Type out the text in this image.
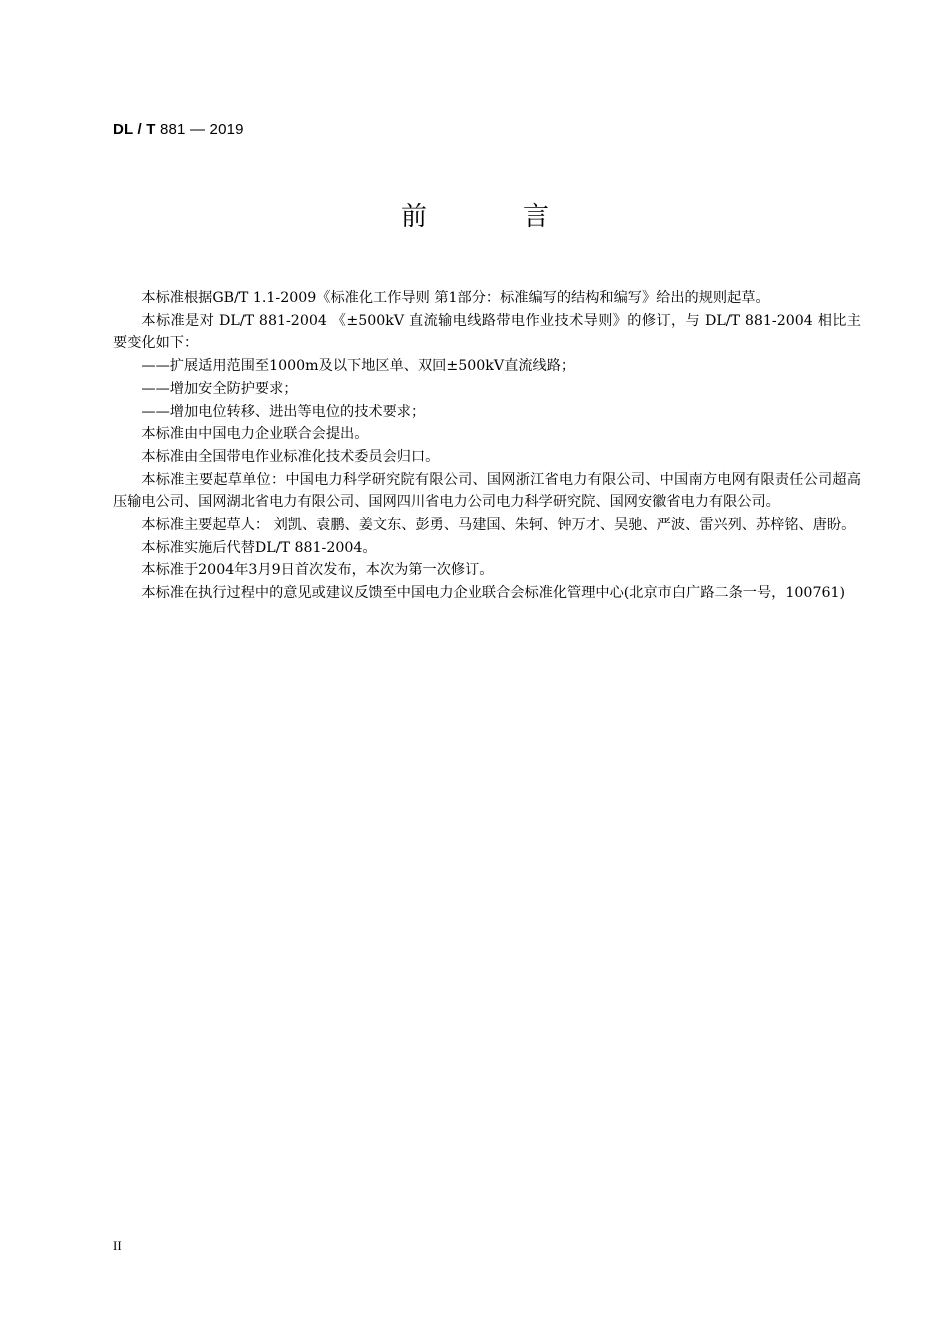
DL / T 881 — 2019
前言

本标准根据GB/T 1.1-2009《标准化工作导则 第1部分：标准编写的结构和编写》给出的规则起草。

本标准是对 DL/T 881-2004 《±500kV 直流输电线路带电作业技术导则》的修订，与 DL/T 881-2004 相比主要变化如下：

——扩展适用范围至1000m及以下地区单、双回±500kV直流线路；

——增加安全防护要求；

——增加电位转移、进出等电位的技术要求；

本标准由中国电力企业联合会提出。

本标准由全国带电作业标准化技术委员会归口。

本标准主要起草单位：中国电力科学研究院有限公司、国网浙江省电力有限公司、中国南方电网有限责任公司超高压输电公司、国网湖北省电力有限公司、国网四川省电力公司电力科学研究院、国网安徽省电力有限公司。

本标准主要起草人： 刘凯、袁鹏、姜文东、彭勇、马建国、朱轲、钟万才、吴驰、严波、雷兴列、苏梓铭、唐盼。

本标准实施后代替DL/T 881-2004。

本标准于2004年3月9日首次发布，本次为第一次修订。

本标准在执行过程中的意见或建议反馈至中国电力企业联合会标准化管理中心(北京市白广路二条一号，100761)

II
